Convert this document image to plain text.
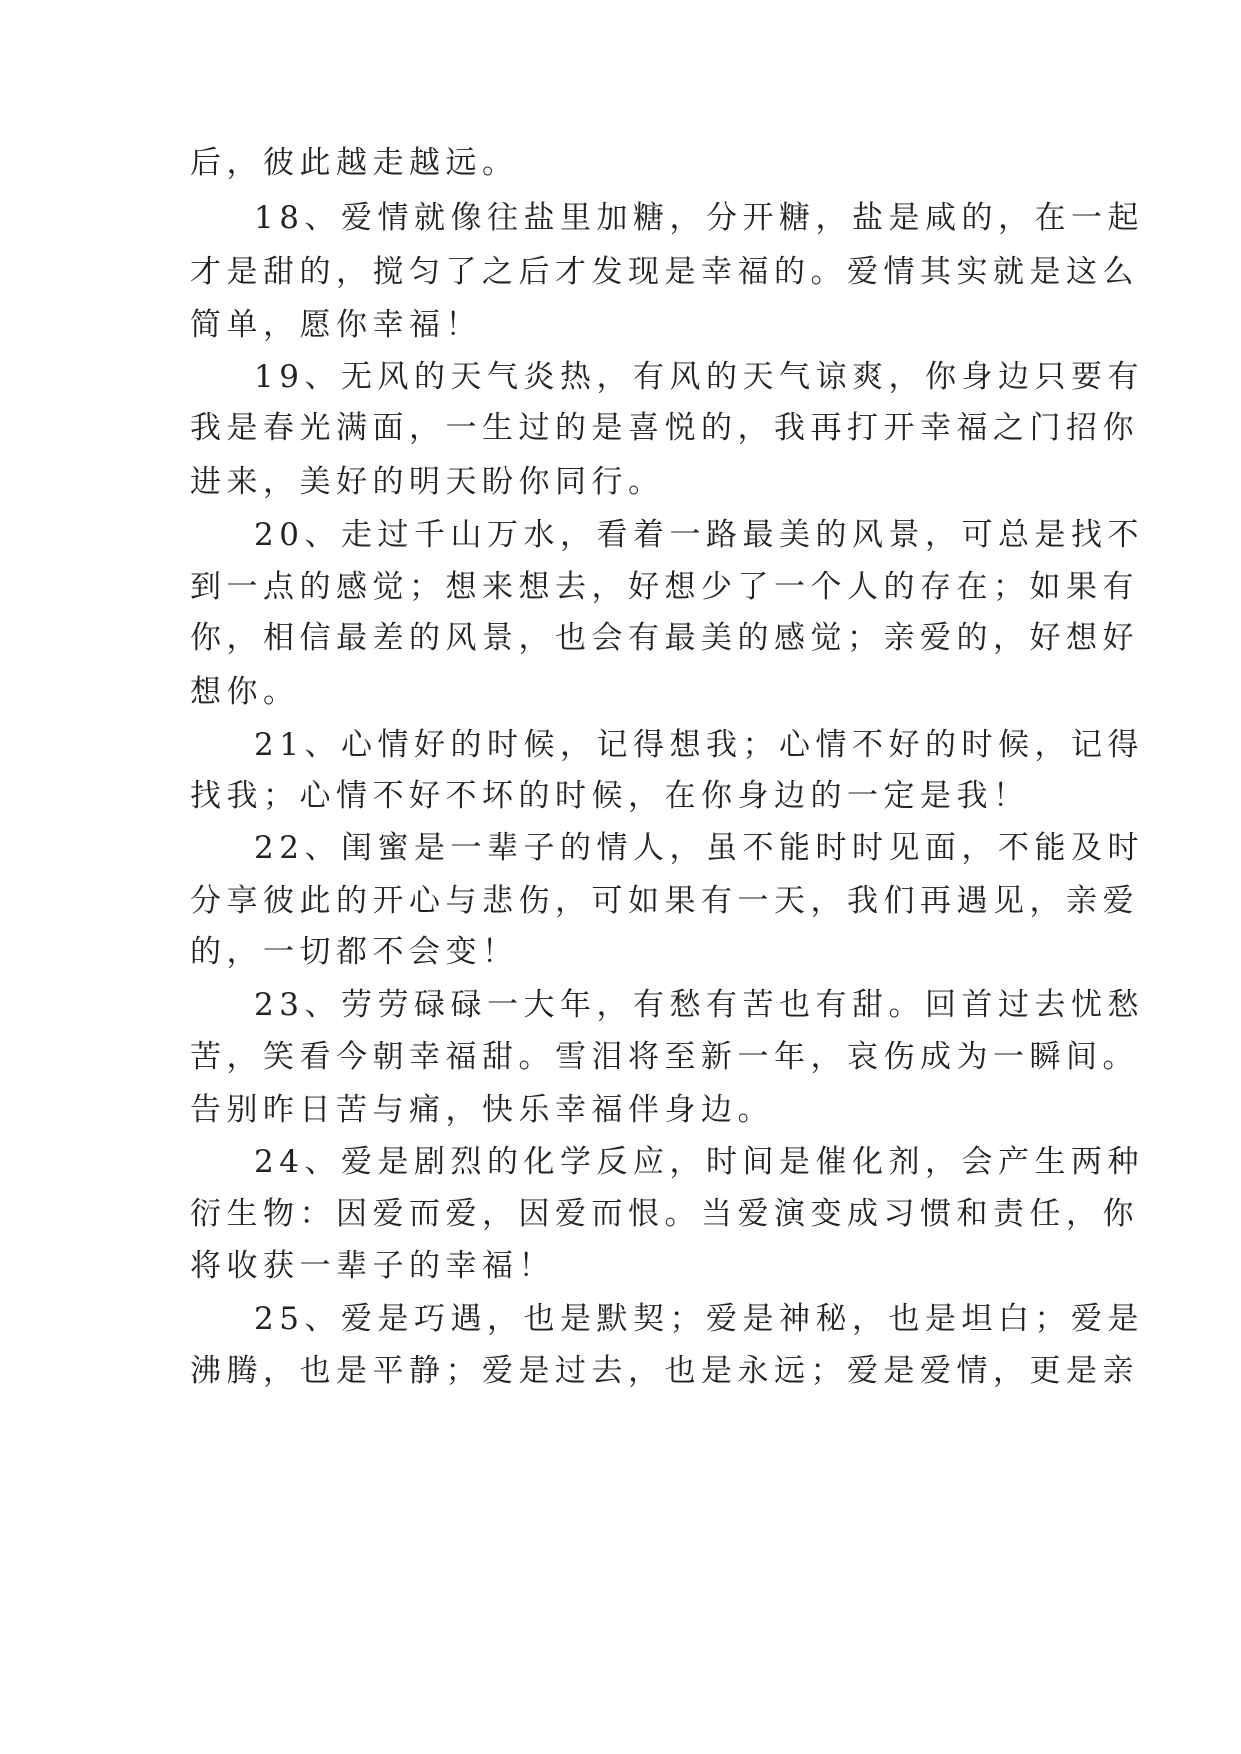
后，彼此越走越远。
18、爱情就像往盐里加糖，分开糖，盐是咸的，在一起
才是甜的，搅匀了之后才发现是幸福的。爱情其实就是这么
简单，愿你幸福！
19、无风的天气炎热，有风的天气谅爽，你身边只要有
我是春光满面，一生过的是喜悦的，我再打开幸福之门招你
进来，美好的明天盼你同行。
20、走过千山万水，看着一路最美的风景，可总是找不
到一点的感觉；想来想去，好想少了一个人的存在；如果有
你，相信最差的风景，也会有最美的感觉；亲爱的，好想好
想你。
21、心情好的时候，记得想我；心情不好的时候，记得
找我；心情不好不坏的时候，在你身边的一定是我！
22、闺蜜是一辈子的情人，虽不能时时见面，不能及时
分享彼此的开心与悲伤，可如果有一天，我们再遇见，亲爱
的，一切都不会变！
23、劳劳碌碌一大年，有愁有苦也有甜。回首过去忧愁
苦，笑看今朝幸福甜。雪泪将至新一年，哀伤成为一瞬间。
告别昨日苦与痛，快乐幸福伴身边。
24、爱是剧烈的化学反应，时间是催化剂，会产生两种
衍生物：因爱而爱，因爱而恨。当爱演变成习惯和责任，你
将收获一辈子的幸福！
25、爱是巧遇，也是默契；爱是神秘，也是坦白；爱是
沸腾，也是平静；爱是过去，也是永远；爱是爱情，更是亲
